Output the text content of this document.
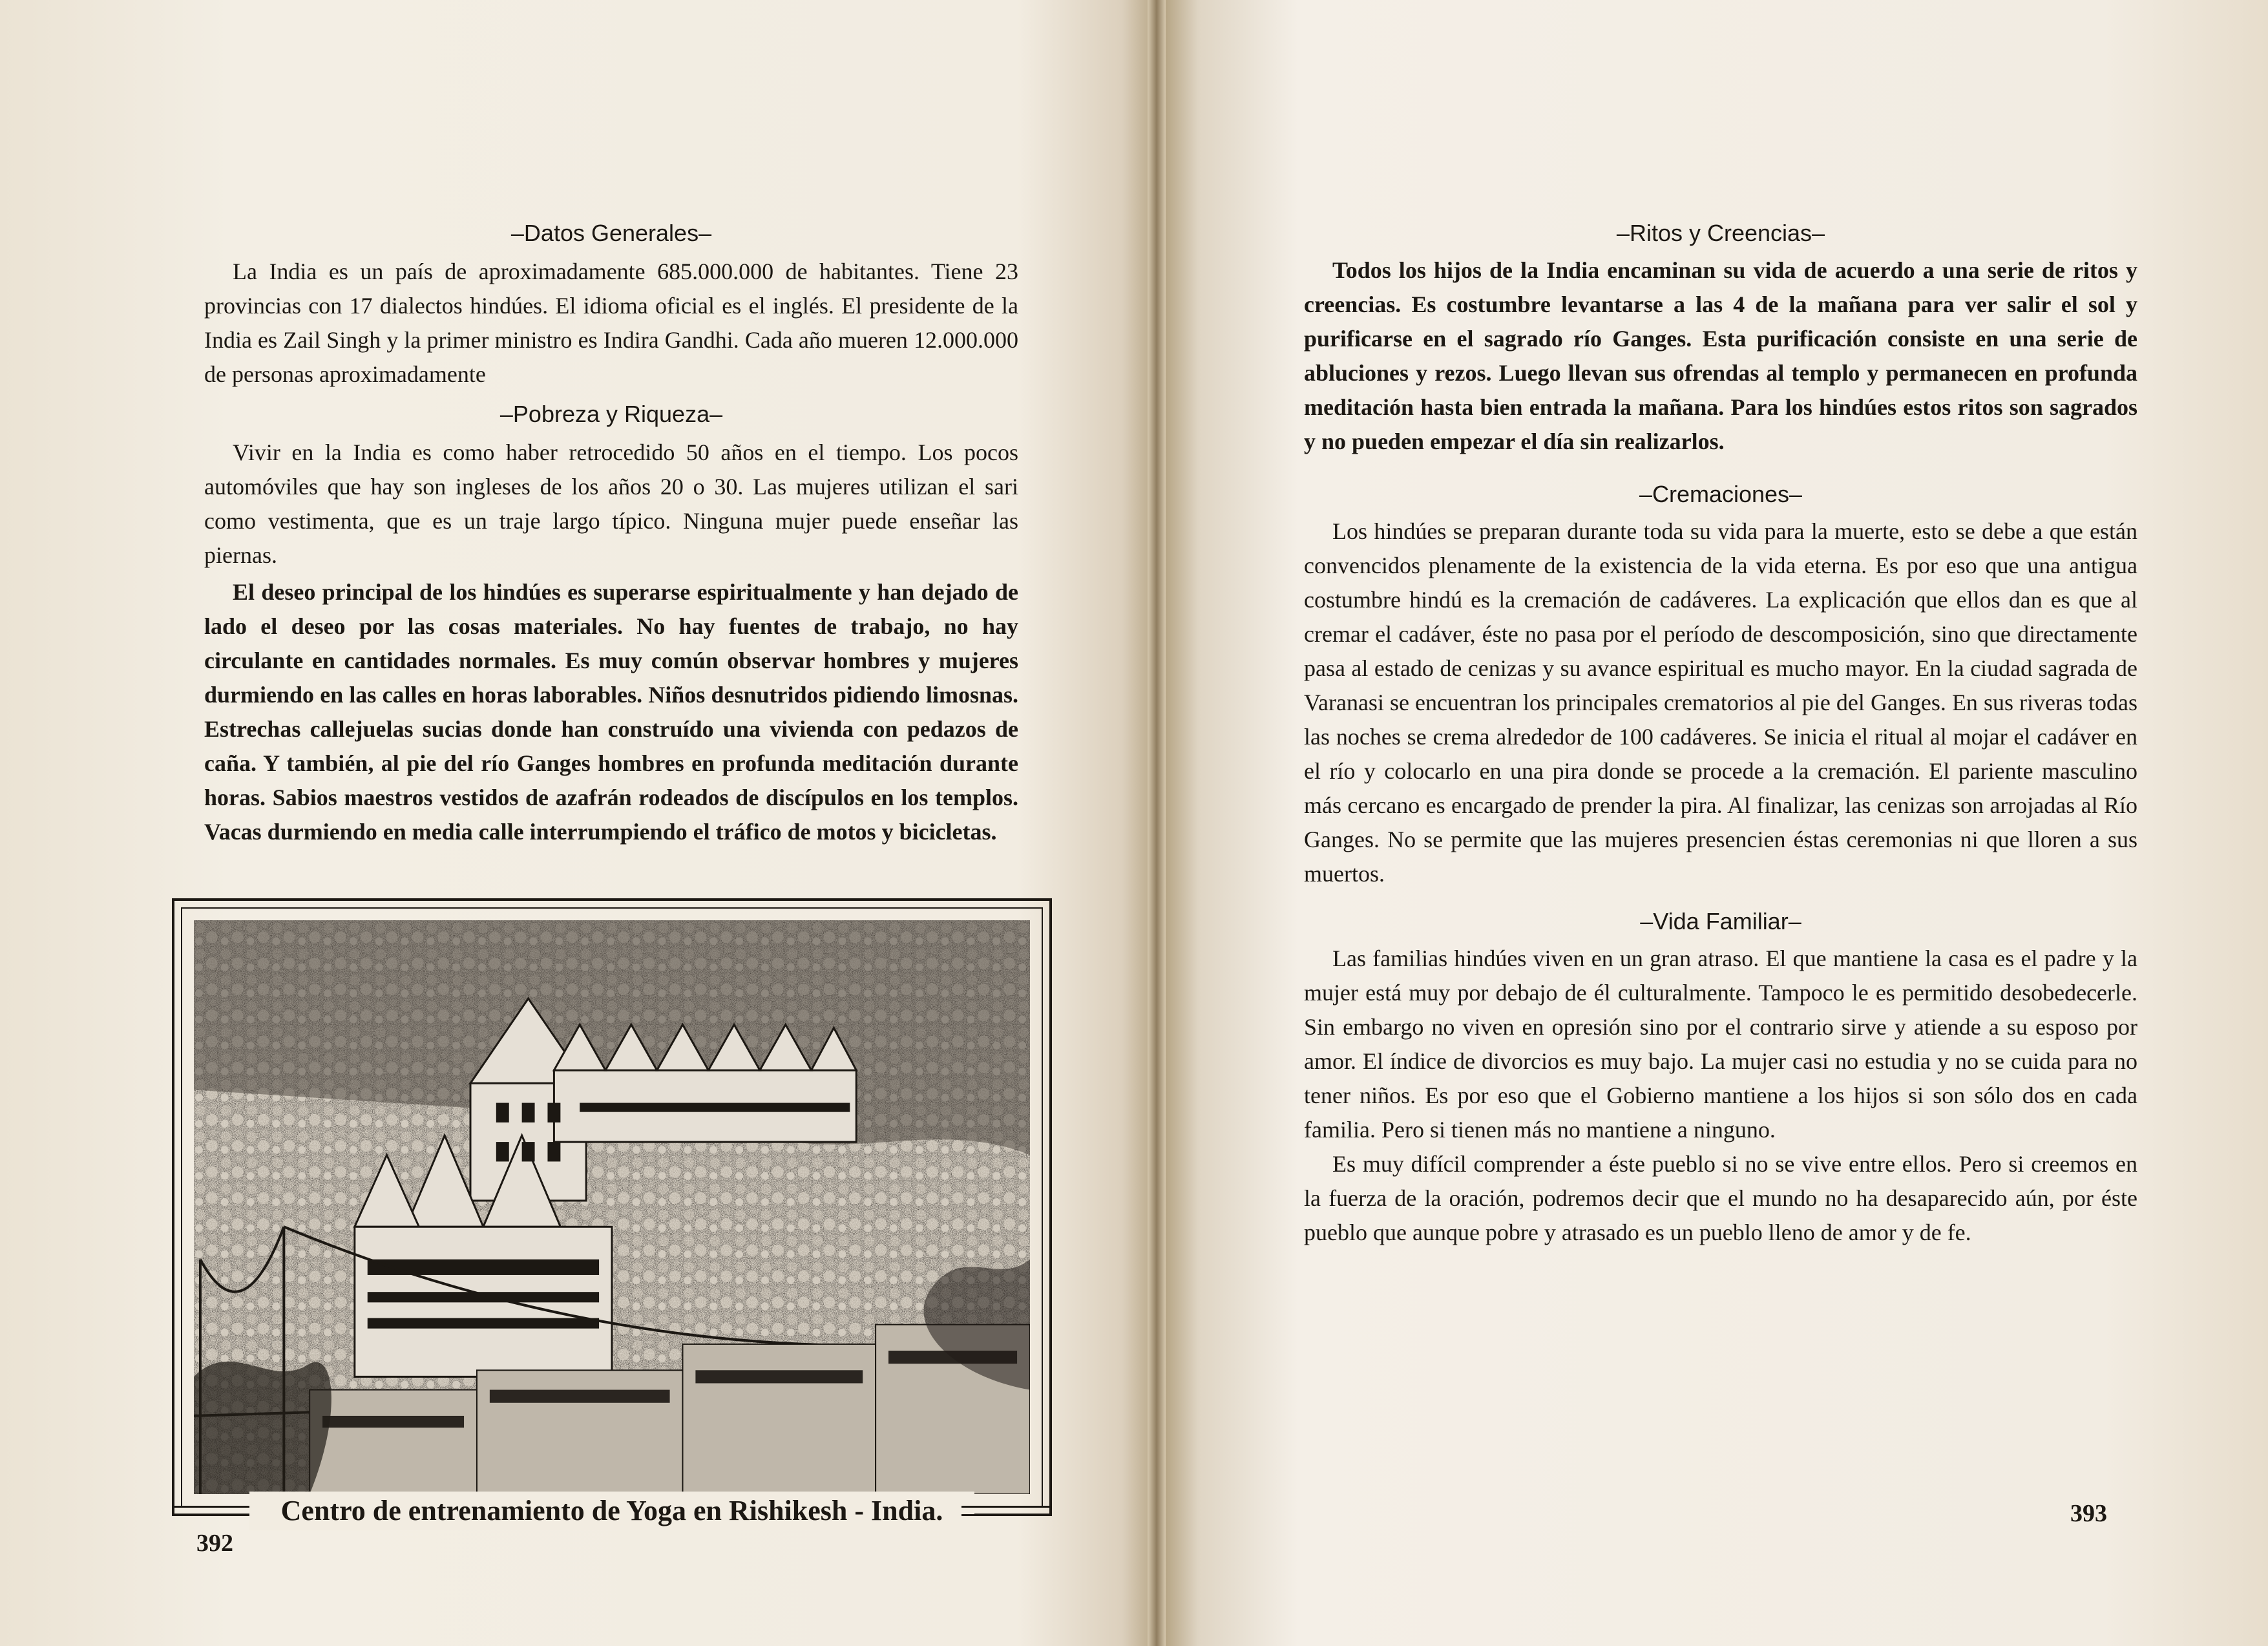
–Datos Generales–

La India es un país de aproximadamente 685.000.000 de habitantes. Tiene 23 provincias con 17 dialectos hindúes. El idioma oficial es el inglés. El presidente de la India es Zail Singh y la primer ministro es Indira Gandhi. Cada año mueren 12.000.000 de personas aproximadamente

–Pobreza y Riqueza–

Vivir en la India es como haber retrocedido 50 años en el tiempo. Los pocos automóviles que hay son ingleses de los años 20 o 30. Las mujeres utilizan el sari como vestimenta, que es un traje largo típico. Ninguna mujer puede enseñar las piernas.

El deseo principal de los hindúes es superarse espiritualmente y han dejado de lado el deseo por las cosas materiales. No hay fuentes de trabajo, no hay circulante en cantidades normales. Es muy común observar hombres y mujeres durmiendo en las calles en horas laborables. Niños desnutridos pidiendo limosnas. Estrechas callejuelas sucias donde han construído una vivienda con pedazos de caña. Y también, al pie del río Ganges hombres en profunda meditación durante horas. Sabios maestros vestidos de azafrán rodeados de discípulos en los templos. Vacas durmiendo en media calle interrumpiendo el tráfico de motos y bicicletas.

Centro de entrenamiento de Yoga en Rishikesh - India.
392
–Ritos y Creencias–

Todos los hijos de la India encaminan su vida de acuerdo a una serie de ritos y creencias. Es costumbre levantarse a las 4 de la mañana para ver salir el sol y purificarse en el sagrado río Ganges. Esta purificación consiste en una serie de abluciones y rezos. Luego llevan sus ofrendas al templo y permanecen en profunda meditación hasta bien entrada la mañana. Para los hindúes estos ritos son sagrados y no pueden empezar el día sin realizarlos.

–Cremaciones–

Los hindúes se preparan durante toda su vida para la muerte, esto se debe a que están convencidos plenamente de la existencia de la vida eterna. Es por eso que una antigua costumbre hindú es la cremación de cadáveres. La explicación que ellos dan es que al cremar el cadáver, éste no pasa por el período de descomposición, sino que directamente pasa al estado de cenizas y su avance espiritual es mucho mayor. En la ciudad sagrada de Varanasi se encuentran los principales crematorios al pie del Ganges. En sus riveras todas las noches se crema alrededor de 100 cadáveres. Se inicia el ritual al mojar el cadáver en el río y colocarlo en una pira donde se procede a la cremación. El pariente masculino más cercano es encargado de prender la pira. Al finalizar, las cenizas son arrojadas al Río Ganges. No se permite que las mujeres presencien éstas ceremonias ni que lloren a sus muertos.

–Vida Familiar–

Las familias hindúes viven en un gran atraso. El que mantiene la casa es el padre y la mujer está muy por debajo de él culturalmente. Tampoco le es permitido desobedecerle. Sin embargo no viven en opresión sino por el contrario sirve y atiende a su esposo por amor. El índice de divorcios es muy bajo. La mujer casi no estudia y no se cuida para no tener niños. Es por eso que el Gobierno mantiene a los hijos si son sólo dos en cada familia. Pero si tienen más no mantiene a ninguno.

Es muy difícil comprender a éste pueblo si no se vive entre ellos. Pero si creemos en la fuerza de la oración, podremos decir que el mundo no ha desaparecido aún, por éste pueblo que aunque pobre y atrasado es un pueblo lleno de amor y de fe.

393
